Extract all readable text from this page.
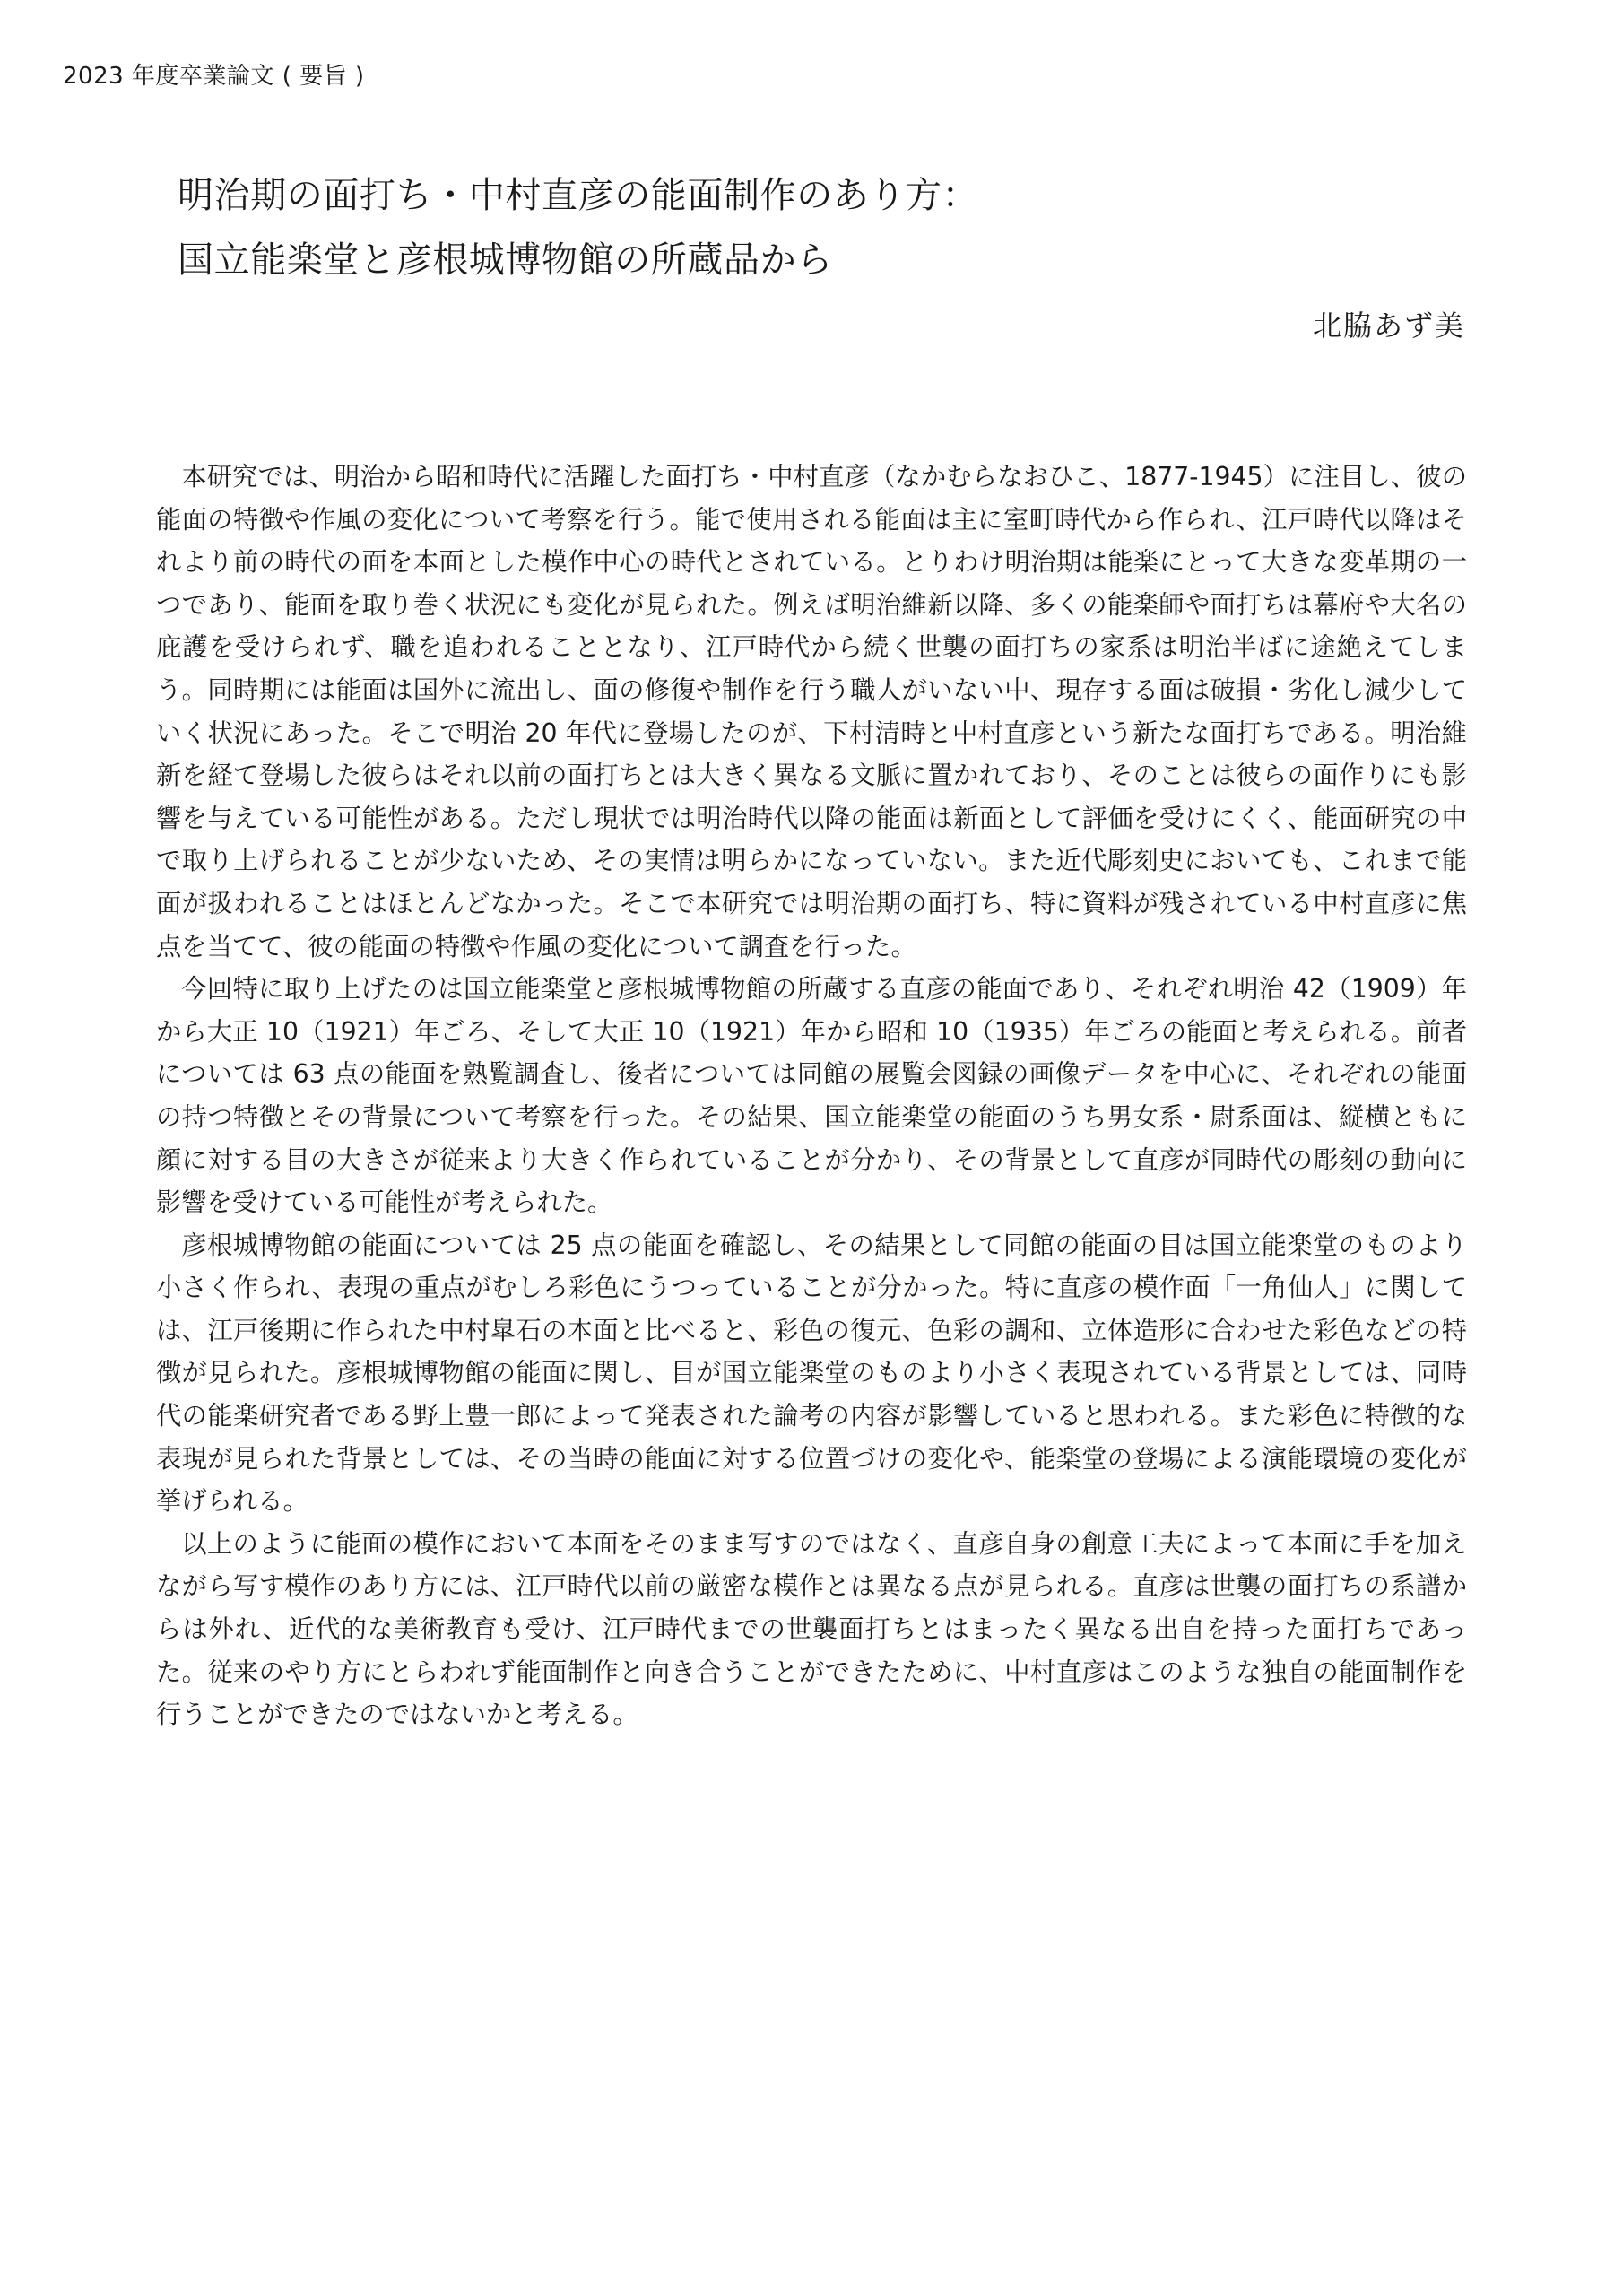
2023 年度卒業論文 ( 要旨 )
明治期の面打ち・中村直彦の能面制作のあり方：
国立能楽堂と彦根城博物館の所蔵品から
北脇あず美

本研究では、明治から昭和時代に活躍した面打ち・中村直彦（なかむらなおひこ、1877-1945）に注目し、彼の能面の特徴や作風の変化について考察を行う。能で使用される能面は主に室町時代から作られ、江戸時代以降はそれより前の時代の面を本面とした模作中心の時代とされている。とりわけ明治期は能楽にとって大きな変革期の一つであり、能面を取り巻く状況にも変化が見られた。例えば明治維新以降、多くの能楽師や面打ちは幕府や大名の庇護を受けられず、職を追われることとなり、江戸時代から続く世襲の面打ちの家系は明治半ばに途絶えてしまう。同時期には能面は国外に流出し、面の修復や制作を行う職人がいない中、現存する面は破損・劣化し減少していく状況にあった。そこで明治 20 年代に登場したのが、下村清時と中村直彦という新たな面打ちである。明治維新を経て登場した彼らはそれ以前の面打ちとは大きく異なる文脈に置かれており、そのことは彼らの面作りにも影響を与えている可能性がある。ただし現状では明治時代以降の能面は新面として評価を受けにくく、能面研究の中で取り上げられることが少ないため、その実情は明らかになっていない。また近代彫刻史においても、これまで能面が扱われることはほとんどなかった。そこで本研究では明治期の面打ち、特に資料が残されている中村直彦に焦点を当てて、彼の能面の特徴や作風の変化について調査を行った。

今回特に取り上げたのは国立能楽堂と彦根城博物館の所蔵する直彦の能面であり、それぞれ明治 42（1909）年から大正 10（1921）年ごろ、そして大正 10（1921）年から昭和 10（1935）年ごろの能面と考えられる。前者については 63 点の能面を熟覧調査し、後者については同館の展覧会図録の画像データを中心に、それぞれの能面の持つ特徴とその背景について考察を行った。その結果、国立能楽堂の能面のうち男女系・尉系面は、縦横ともに顔に対する目の大きさが従来より大きく作られていることが分かり、その背景として直彦が同時代の彫刻の動向に影響を受けている可能性が考えられた。

彦根城博物館の能面については 25 点の能面を確認し、その結果として同館の能面の目は国立能楽堂のものより小さく作られ、表現の重点がむしろ彩色にうつっていることが分かった。特に直彦の模作面「一角仙人」に関しては、江戸後期に作られた中村皐石の本面と比べると、彩色の復元、色彩の調和、立体造形に合わせた彩色などの特徴が見られた。彦根城博物館の能面に関し、目が国立能楽堂のものより小さく表現されている背景としては、同時代の能楽研究者である野上豊一郎によって発表された論考の内容が影響していると思われる。また彩色に特徴的な表現が見られた背景としては、その当時の能面に対する位置づけの変化や、能楽堂の登場による演能環境の変化が挙げられる。

以上のように能面の模作において本面をそのまま写すのではなく、直彦自身の創意工夫によって本面に手を加えながら写す模作のあり方には、江戸時代以前の厳密な模作とは異なる点が見られる。直彦は世襲の面打ちの系譜からは外れ、近代的な美術教育も受け、江戸時代までの世襲面打ちとはまったく異なる出自を持った面打ちであった。従来のやり方にとらわれず能面制作と向き合うことができたために、中村直彦はこのような独自の能面制作を行うことができたのではないかと考える。
